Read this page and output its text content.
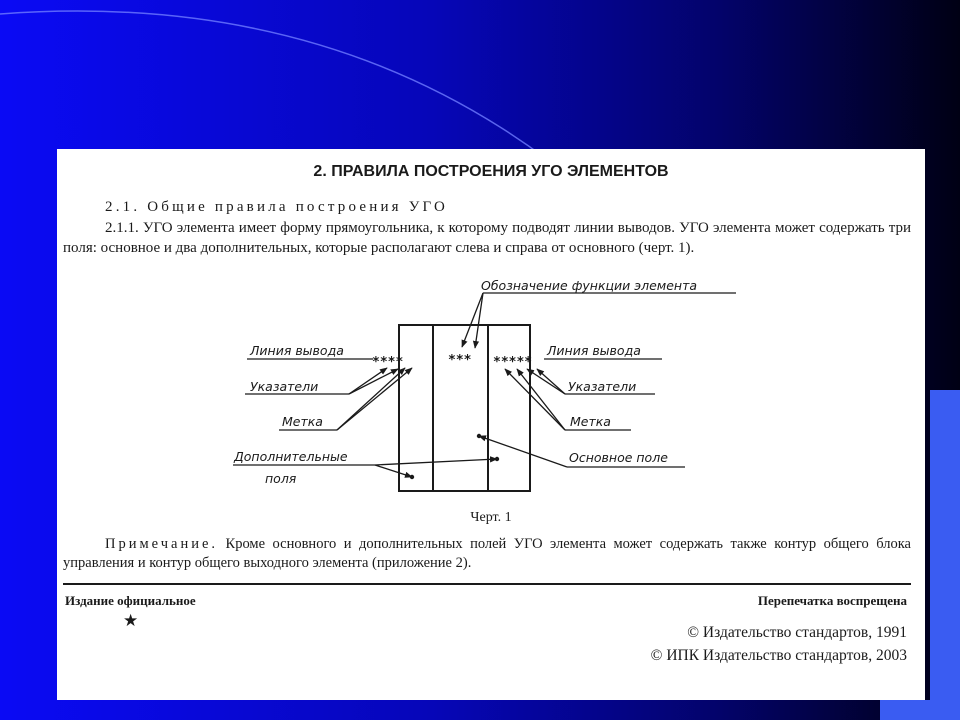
2. ПРАВИЛА ПОСТРОЕНИЯ УГО ЭЛЕМЕНТОВ
2.1. Общие правила построения УГО
2.1.1. УГО элемента имеет форму прямоугольника, к которому подводят линии выводов. УГО элемента может содержать три поля: основное и два дополнительных, которые располагают слева и справа от основного (черт. 1).
****	*** *****
Обозначение функции элемента
Линия вывода	Линия вывода
Указатели	Указатели
Метка	Метка
Дополнительные
поля
Основное поле
Черт. 1
Примечание. Кроме основного и дополнительных полей УГО элемента может содержать также контур общего блока управления и контур общего выходного элемента (приложение 2).
Издание официальное	Перепечатка воспрещена
★
© Издательство стандартов, 1991
© ИПК Издательство стандартов, 2003
